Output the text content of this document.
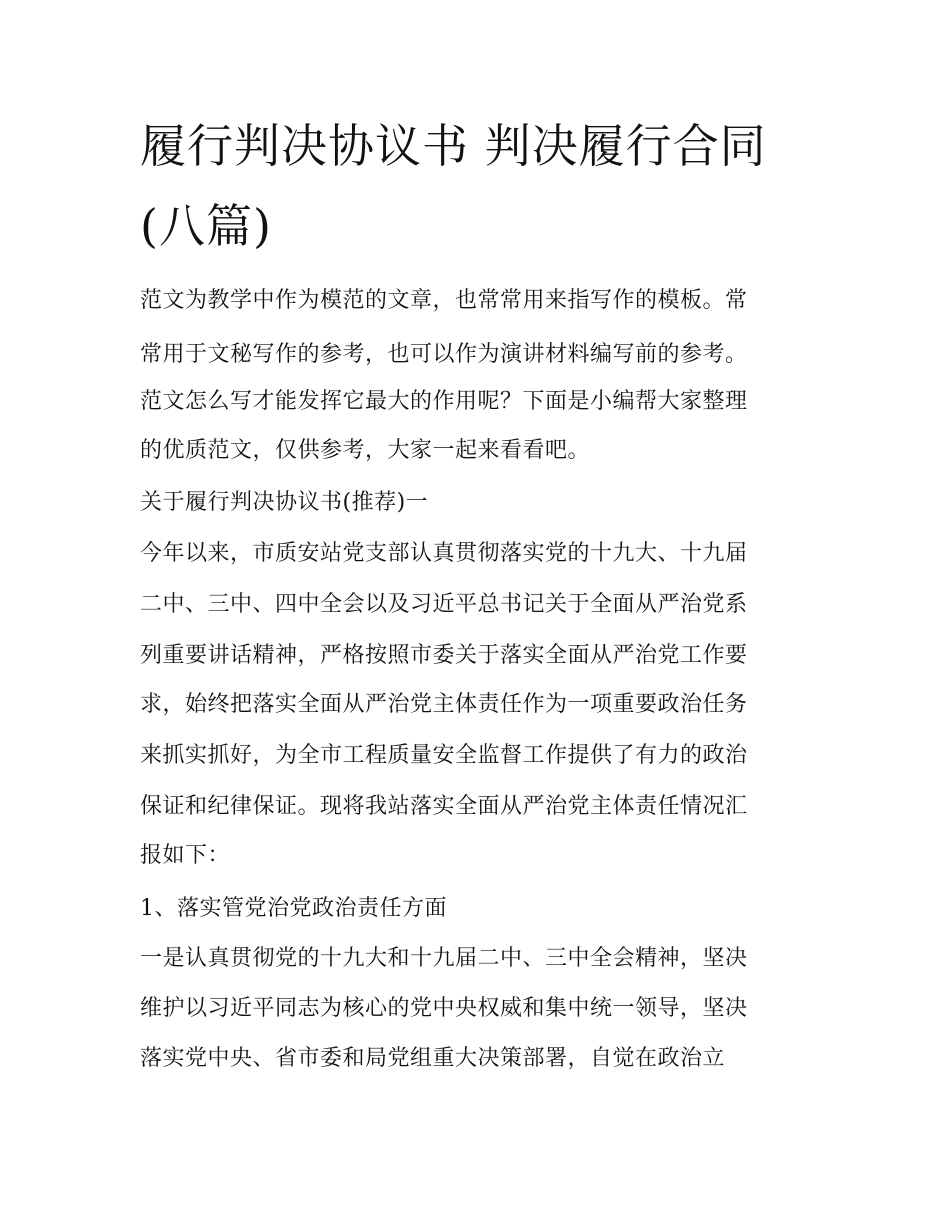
履行判决协议书 判决履行合同
(八篇)
范文为教学中作为模范的文章，也常常用来指写作的模板。常
常用于文秘写作的参考，也可以作为演讲材料编写前的参考。
范文怎么写才能发挥它最大的作用呢？下面是小编帮大家整理
的优质范文，仅供参考，大家一起来看看吧。
关于履行判决协议书(推荐)一
今年以来，市质安站党支部认真贯彻落实党的十九大、十九届
二中、三中、四中全会以及习近平总书记关于全面从严治党系
列重要讲话精神，严格按照市委关于落实全面从严治党工作要
求，始终把落实全面从严治党主体责任作为一项重要政治任务
来抓实抓好，为全市工程质量安全监督工作提供了有力的政治
保证和纪律保证。现将我站落实全面从严治党主体责任情况汇
报如下：
1、落实管党治党政治责任方面
一是认真贯彻党的十九大和十九届二中、三中全会精神，坚决
维护以习近平同志为核心的党中央权威和集中统一领导，坚决
落实党中央、省市委和局党组重大决策部署，自觉在政治立
